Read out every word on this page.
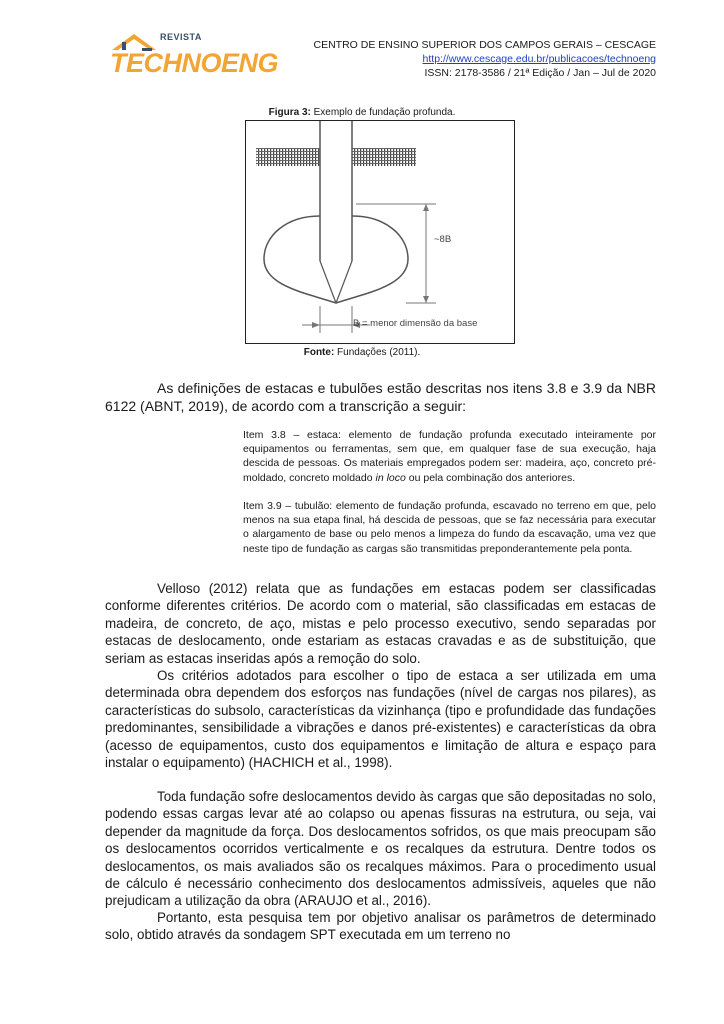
REVISTA
TECHNOENG
CENTRO DE ENSINO SUPERIOR DOS CAMPOS GERAIS – CESCAGE
http://www.cescage.edu.br/publicacoes/technoeng
ISSN: 2178-3586 / 21ª Edição / Jan – Jul de 2020
Figura 3: Exemplo de fundação profunda.
~8B
B = menor dimensão da base
Fonte: Fundações (2011).

As definições de estacas e tubulões estão descritas nos itens 3.8 e 3.9 da NBR 6122 (ABNT, 2019), de acordo com a transcrição a seguir:

Item 3.8 – estaca: elemento de fundação profunda executado inteiramente por equipamentos ou ferramentas, sem que, em qualquer fase de sua execução, haja descida de pessoas. Os materiais empregados podem ser: madeira, aço, concreto pré-moldado, concreto moldado in loco ou pela combinação dos anteriores.

Item 3.9 – tubulão: elemento de fundação profunda, escavado no terreno em que, pelo menos na sua etapa final, há descida de pessoas, que se faz necessária para executar o alargamento de base ou pelo menos a limpeza do fundo da escavação, uma vez que neste tipo de fundação as cargas são transmitidas preponderantemente pela ponta.

Velloso (2012) relata que as fundações em estacas podem ser classificadas conforme diferentes critérios. De acordo com o material, são classificadas em estacas de madeira, de concreto, de aço, mistas e pelo processo executivo, sendo separadas por estacas de deslocamento, onde estariam as estacas cravadas e as de substituição, que seriam as estacas inseridas após a remoção do solo.

Os critérios adotados para escolher o tipo de estaca a ser utilizada em uma determinada obra dependem dos esforços nas fundações (nível de cargas nos pilares), as características do subsolo, características da vizinhança (tipo e profundidade das fundações predominantes, sensibilidade a vibrações e danos pré-existentes) e características da obra (acesso de equipamentos, custo dos equipamentos e limitação de altura e espaço para instalar o equipamento) (HACHICH et al., 1998).

Toda fundação sofre deslocamentos devido às cargas que são depositadas no solo, podendo essas cargas levar até ao colapso ou apenas fissuras na estrutura, ou seja, vai depender da magnitude da força. Dos deslocamentos sofridos, os que mais preocupam são os deslocamentos ocorridos verticalmente e os recalques da estrutura. Dentre todos os deslocamentos, os mais avaliados são os recalques máximos. Para o procedimento usual de cálculo é necessário conhecimento dos deslocamentos admissíveis, aqueles que não prejudicam a utilização da obra (ARAUJO et al., 2016).

Portanto, esta pesquisa tem por objetivo analisar os parâmetros de determinado solo, obtido através da sondagem SPT executada em um terreno no
